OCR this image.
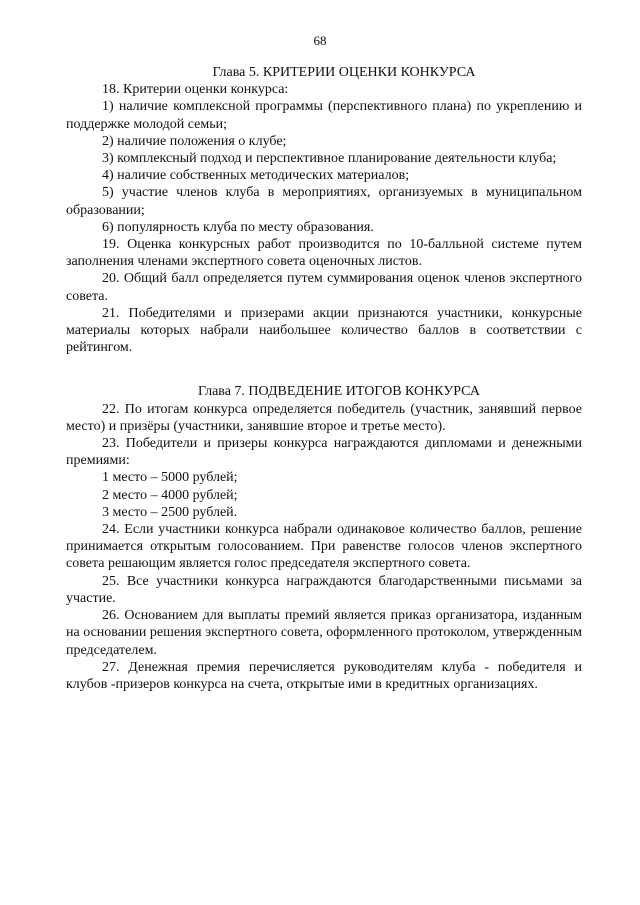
68
Глава 5. КРИТЕРИИ ОЦЕНКИ КОНКУРСА

18. Критерии оценки конкурса:

1) наличие комплексной программы (перспективного плана) по укреплению и поддержке молодой семьи;

2) наличие положения о клубе;

3) комплексный подход и перспективное планирование деятельности клуба;

4) наличие собственных методических материалов;

5) участие членов клуба в мероприятиях, организуемых в муниципальном образовании;

6) популярность клуба по месту образования.

19. Оценка конкурсных работ производится по 10-балльной системе путем заполнения членами экспертного совета оценочных листов.

20. Общий балл определяется путем суммирования оценок членов экспертного совета.

21. Победителями и призерами акции признаются участники, конкурсные материалы которых набрали наибольшее количество баллов в соответствии с рейтингом.

Глава 7. ПОДВЕДЕНИЕ ИТОГОВ КОНКУРСА

22. По итогам конкурса определяется победитель (участник, занявший первое место) и призёры (участники, занявшие второе и третье место).

23. Победители и призеры конкурса награждаются дипломами и денежными премиями:

1 место – 5000 рублей;

2 место – 4000 рублей;

3 место – 2500 рублей.

24. Если участники конкурса набрали одинаковое количество баллов, решение принимается открытым голосованием. При равенстве голосов членов экспертного совета решающим является голос председателя экспертного совета.

25. Все участники конкурса награждаются благодарственными письмами за участие.

26. Основанием для выплаты премий является приказ организатора, изданным на основании решения экспертного совета, оформленного протоколом, утвержденным председателем.

27. Денежная премия перечисляется руководителям клуба - победителя и клубов -призеров конкурса на счета, открытые ими в кредитных организациях.
